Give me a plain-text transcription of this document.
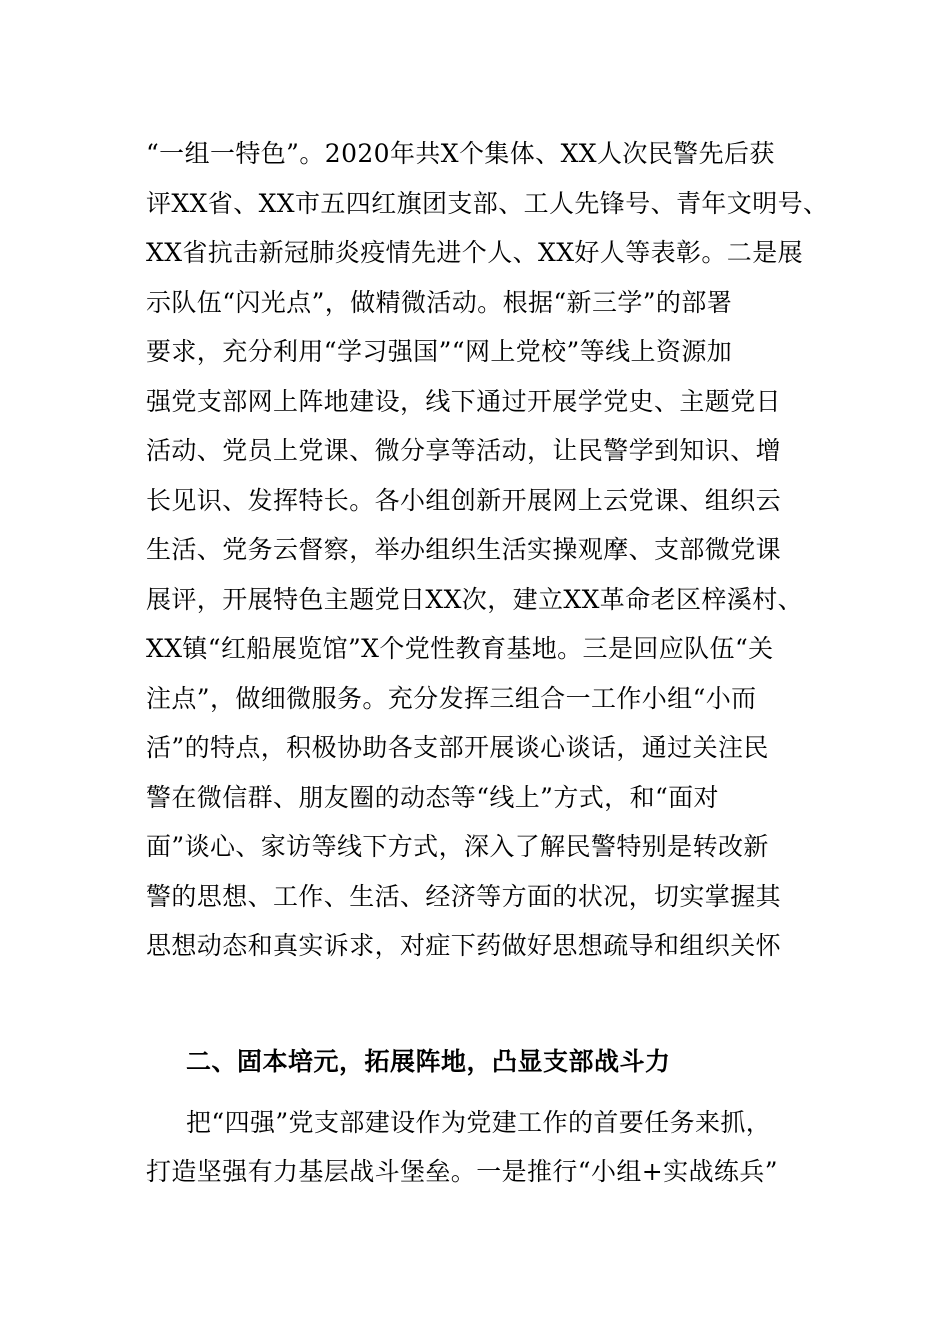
“一组一特色”。2020年共X个集体、XX人次民警先后获
评XX省、XX市五四红旗团支部、工人先锋号、青年文明号、
XX省抗击新冠肺炎疫情先进个人、XX好人等表彰。二是展
示队伍“闪光点”，做精微活动。根据“新三学”的部署
要求，充分利用“学习强国”“网上党校”等线上资源加
强党支部网上阵地建设，线下通过开展学党史、主题党日
活动、党员上党课、微分享等活动，让民警学到知识、增
长见识、发挥特长。各小组创新开展网上云党课、组织云
生活、党务云督察，举办组织生活实操观摩、支部微党课
展评，开展特色主题党日XX次，建立XX革命老区梓溪村、
XX镇“红船展览馆”X个党性教育基地。三是回应队伍“关
注点”，做细微服务。充分发挥三组合一工作小组“小而
活”的特点，积极协助各支部开展谈心谈话，通过关注民
警在微信群、朋友圈的动态等“线上”方式，和“面对
面”谈心、家访等线下方式，深入了解民警特别是转改新
警的思想、工作、生活、经济等方面的状况，切实掌握其
思想动态和真实诉求，对症下药做好思想疏导和组织关怀
二、固本培元，拓展阵地，凸显支部战斗力
把“四强”党支部建设作为党建工作的首要任务来抓，
打造坚强有力基层战斗堡垒。一是推行“小组+实战练兵”
